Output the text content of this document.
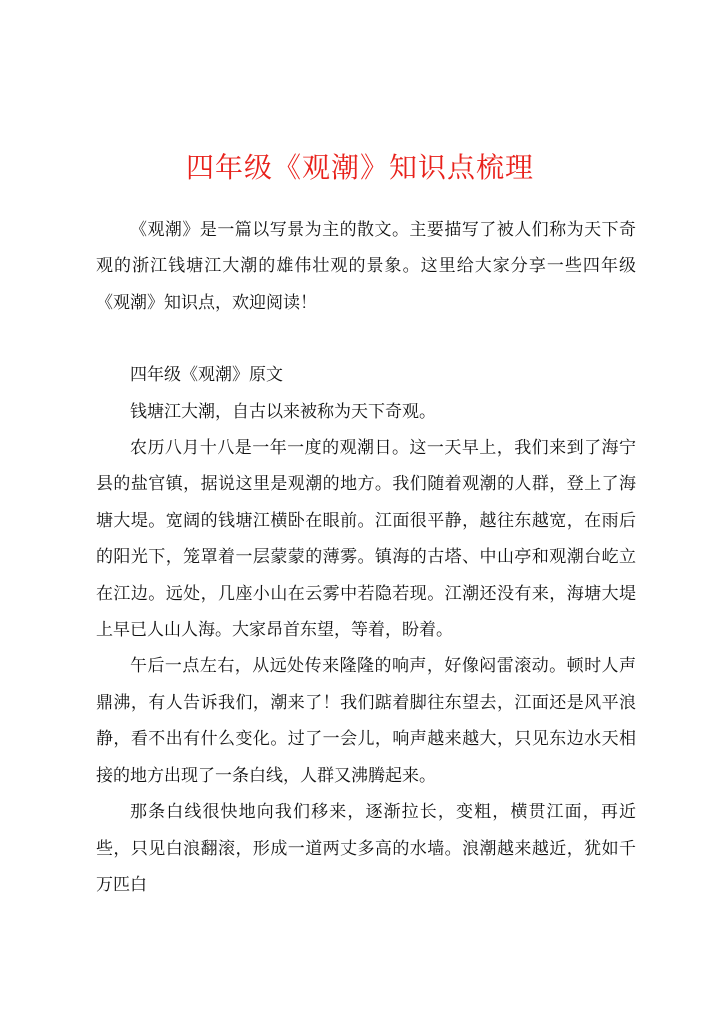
四年级《观潮》知识点梳理

《观潮》是一篇以写景为主的散文。主要描写了被人们称为天下奇观的浙江钱塘江大潮的雄伟壮观的景象。这里给大家分享一些四年级《观潮》知识点，欢迎阅读！

四年级《观潮》原文

钱塘江大潮，自古以来被称为天下奇观。

农历八月十八是一年一度的观潮日。这一天早上，我们来到了海宁县的盐官镇，据说这里是观潮的地方。我们随着观潮的人群，登上了海塘大堤。宽阔的钱塘江横卧在眼前。江面很平静，越往东越宽，在雨后的阳光下，笼罩着一层蒙蒙的薄雾。镇海的古塔、中山亭和观潮台屹立在江边。远处，几座小山在云雾中若隐若现。江潮还没有来，海塘大堤上早已人山人海。大家昂首东望，等着，盼着。

午后一点左右，从远处传来隆隆的响声，好像闷雷滚动。顿时人声鼎沸，有人告诉我们，潮来了！我们踮着脚往东望去，江面还是风平浪静，看不出有什么变化。过了一会儿，响声越来越大，只见东边水天相接的地方出现了一条白线，人群又沸腾起来。

那条白线很快地向我们移来，逐渐拉长，变粗，横贯江面，再近些，只见白浪翻滚，形成一道两丈多高的水墙。浪潮越来越近，犹如千万匹白
